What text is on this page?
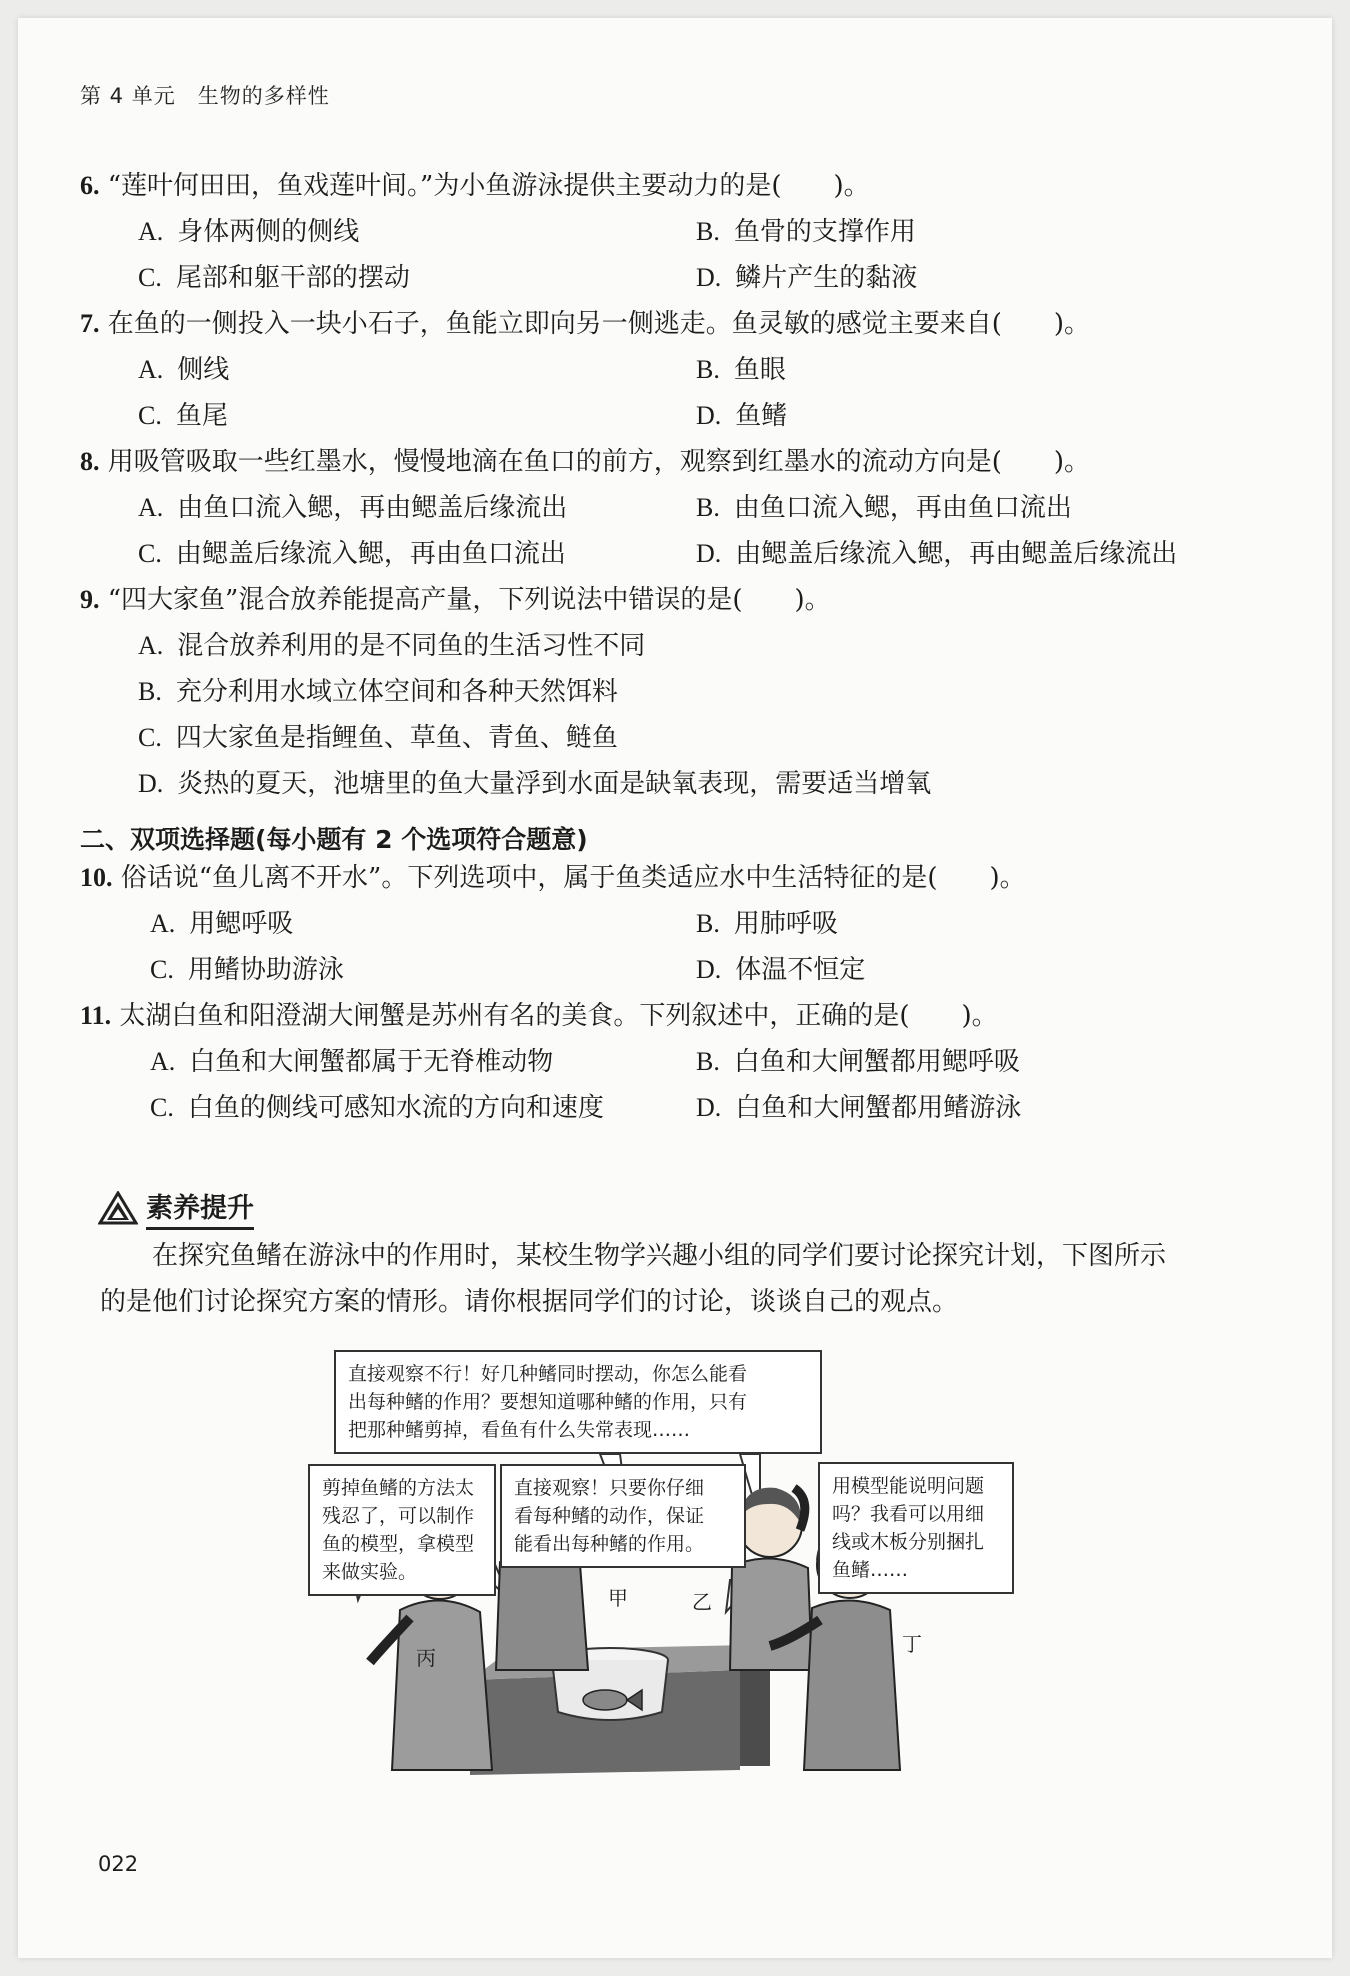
第 4 单元　生物的多样性
6. “莲叶何田田，鱼戏莲叶间。”为小鱼游泳提供主要动力的是(　　)。
A. 身体两侧的侧线	B. 鱼骨的支撑作用
C. 尾部和躯干部的摆动	D. 鳞片产生的黏液
7. 在鱼的一侧投入一块小石子，鱼能立即向另一侧逃走。鱼灵敏的感觉主要来自(　　)。
A. 侧线	B. 鱼眼
C. 鱼尾	D. 鱼鳍
8. 用吸管吸取一些红墨水，慢慢地滴在鱼口的前方，观察到红墨水的流动方向是(　　)。
A. 由鱼口流入鳃，再由鳃盖后缘流出	B. 由鱼口流入鳃，再由鱼口流出
C. 由鳃盖后缘流入鳃，再由鱼口流出	D. 由鳃盖后缘流入鳃，再由鳃盖后缘流出
9. “四大家鱼”混合放养能提高产量，下列说法中错误的是(　　)。
A. 混合放养利用的是不同鱼的生活习性不同
B. 充分利用水域立体空间和各种天然饵料
C. 四大家鱼是指鲤鱼、草鱼、青鱼、鲢鱼
D. 炎热的夏天，池塘里的鱼大量浮到水面是缺氧表现，需要适当增氧
二、双项选择题(每小题有 2 个选项符合题意)
10. 俗话说“鱼儿离不开水”。下列选项中，属于鱼类适应水中生活特征的是(　　)。
A. 用鳃呼吸	B. 用肺呼吸
C. 用鳍协助游泳	D. 体温不恒定
11. 太湖白鱼和阳澄湖大闸蟹是苏州有名的美食。下列叙述中，正确的是(　　)。
A. 白鱼和大闸蟹都属于无脊椎动物	B. 白鱼和大闸蟹都用鳃呼吸
C. 白鱼的侧线可感知水流的方向和速度	D. 白鱼和大闸蟹都用鳍游泳
素养提升
在探究鱼鳍在游泳中的作用时，某校生物学兴趣小组的同学们要讨论探究计划，下图所示
的是他们讨论探究方案的情形。请你根据同学们的讨论，谈谈自己的观点。
直接观察不行！好几种鳍同时摆动，你怎么能看
出每种鳍的作用？要想知道哪种鳍的作用，只有
把那种鳍剪掉，看鱼有什么失常表现……
剪掉鱼鳍的方法太
残忍了，可以制作
鱼的模型，拿模型
来做实验。
直接观察！只要你仔细
看每种鳍的动作，保证
能看出每种鳍的作用。
用模型能说明问题
吗？我看可以用细
线或木板分别捆扎
鱼鳍……
甲	乙
丙
丁
022
